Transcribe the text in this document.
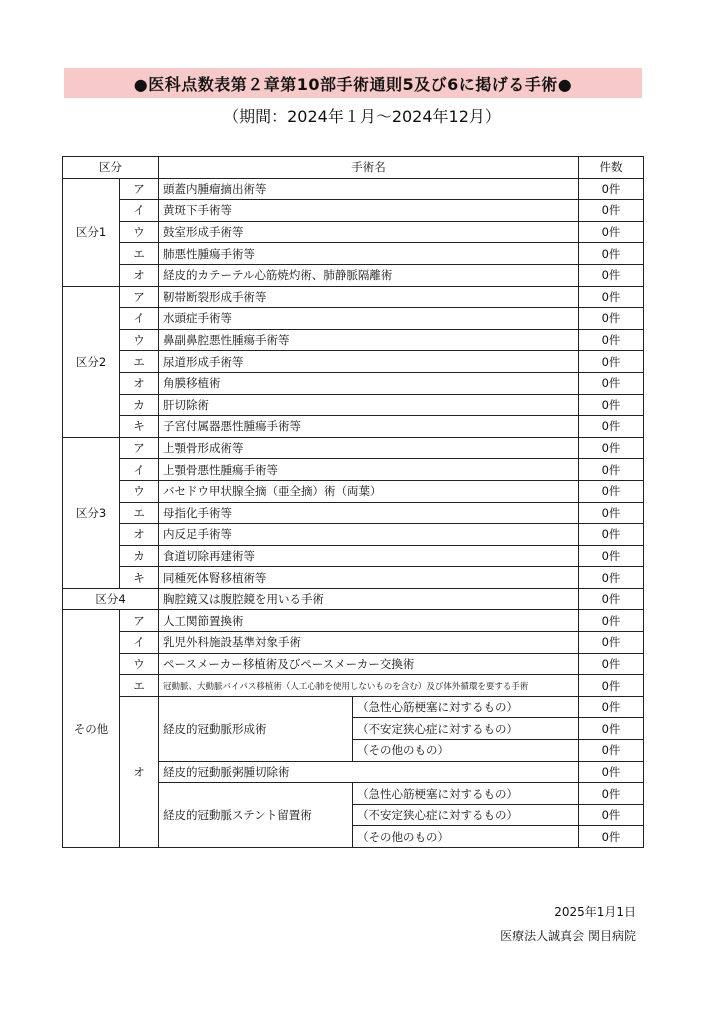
●医科点数表第２章第10部手術通則5及び6に掲げる手術●
（期間：2024年１月～2024年12月）
区分		手術名		件数
区分1	ア	頭蓋内腫瘤摘出術等		0件
	イ	黄斑下手術等		0件
	ウ	鼓室形成手術等		0件
	エ	肺悪性腫瘍手術等		0件
	オ	経皮的カテーテル心筋焼灼術、肺静脈隔離術		0件
区分2	ア	靭帯断裂形成手術等		0件
	イ	水頭症手術等		0件
	ウ	鼻副鼻腔悪性腫瘍手術等		0件
	エ	尿道形成手術等		0件
	オ	角膜移植術		0件
	カ	肝切除術		0件
	キ	子宮付属器悪性腫瘍手術等		0件
区分3	ア	上顎骨形成術等		0件
	イ	上顎骨悪性腫瘍手術等		0件
	ウ	バセドウ甲状腺全摘（亜全摘）術（両葉）		0件
	エ	母指化手術等		0件
	オ	内反足手術等		0件
	カ	食道切除再建術等		0件
	キ	同種死体腎移植術等		0件
区分4		胸腔鏡又は腹腔鏡を用いる手術		0件
その他	ア	人工関節置換術		0件
	イ	乳児外科施設基準対象手術		0件
	ウ	ペースメーカー移植術及びペースメーカー交換術		0件
	エ	冠動脈、大動脈バイパス移植術（人工心肺を使用しないものを含む）及び体外循環を要する手術		0件
	オ	経皮的冠動脈形成術	（急性心筋梗塞に対するもの）	0件
			（不安定狭心症に対するもの）	0件
			（その他のもの）	0件
		経皮的冠動脈粥腫切除術		0件
		経皮的冠動脈ステント留置術	（急性心筋梗塞に対するもの）	0件
			（不安定狭心症に対するもの）	0件
			（その他のもの）	0件
2025年1月1日
医療法人誠真会 関目病院
